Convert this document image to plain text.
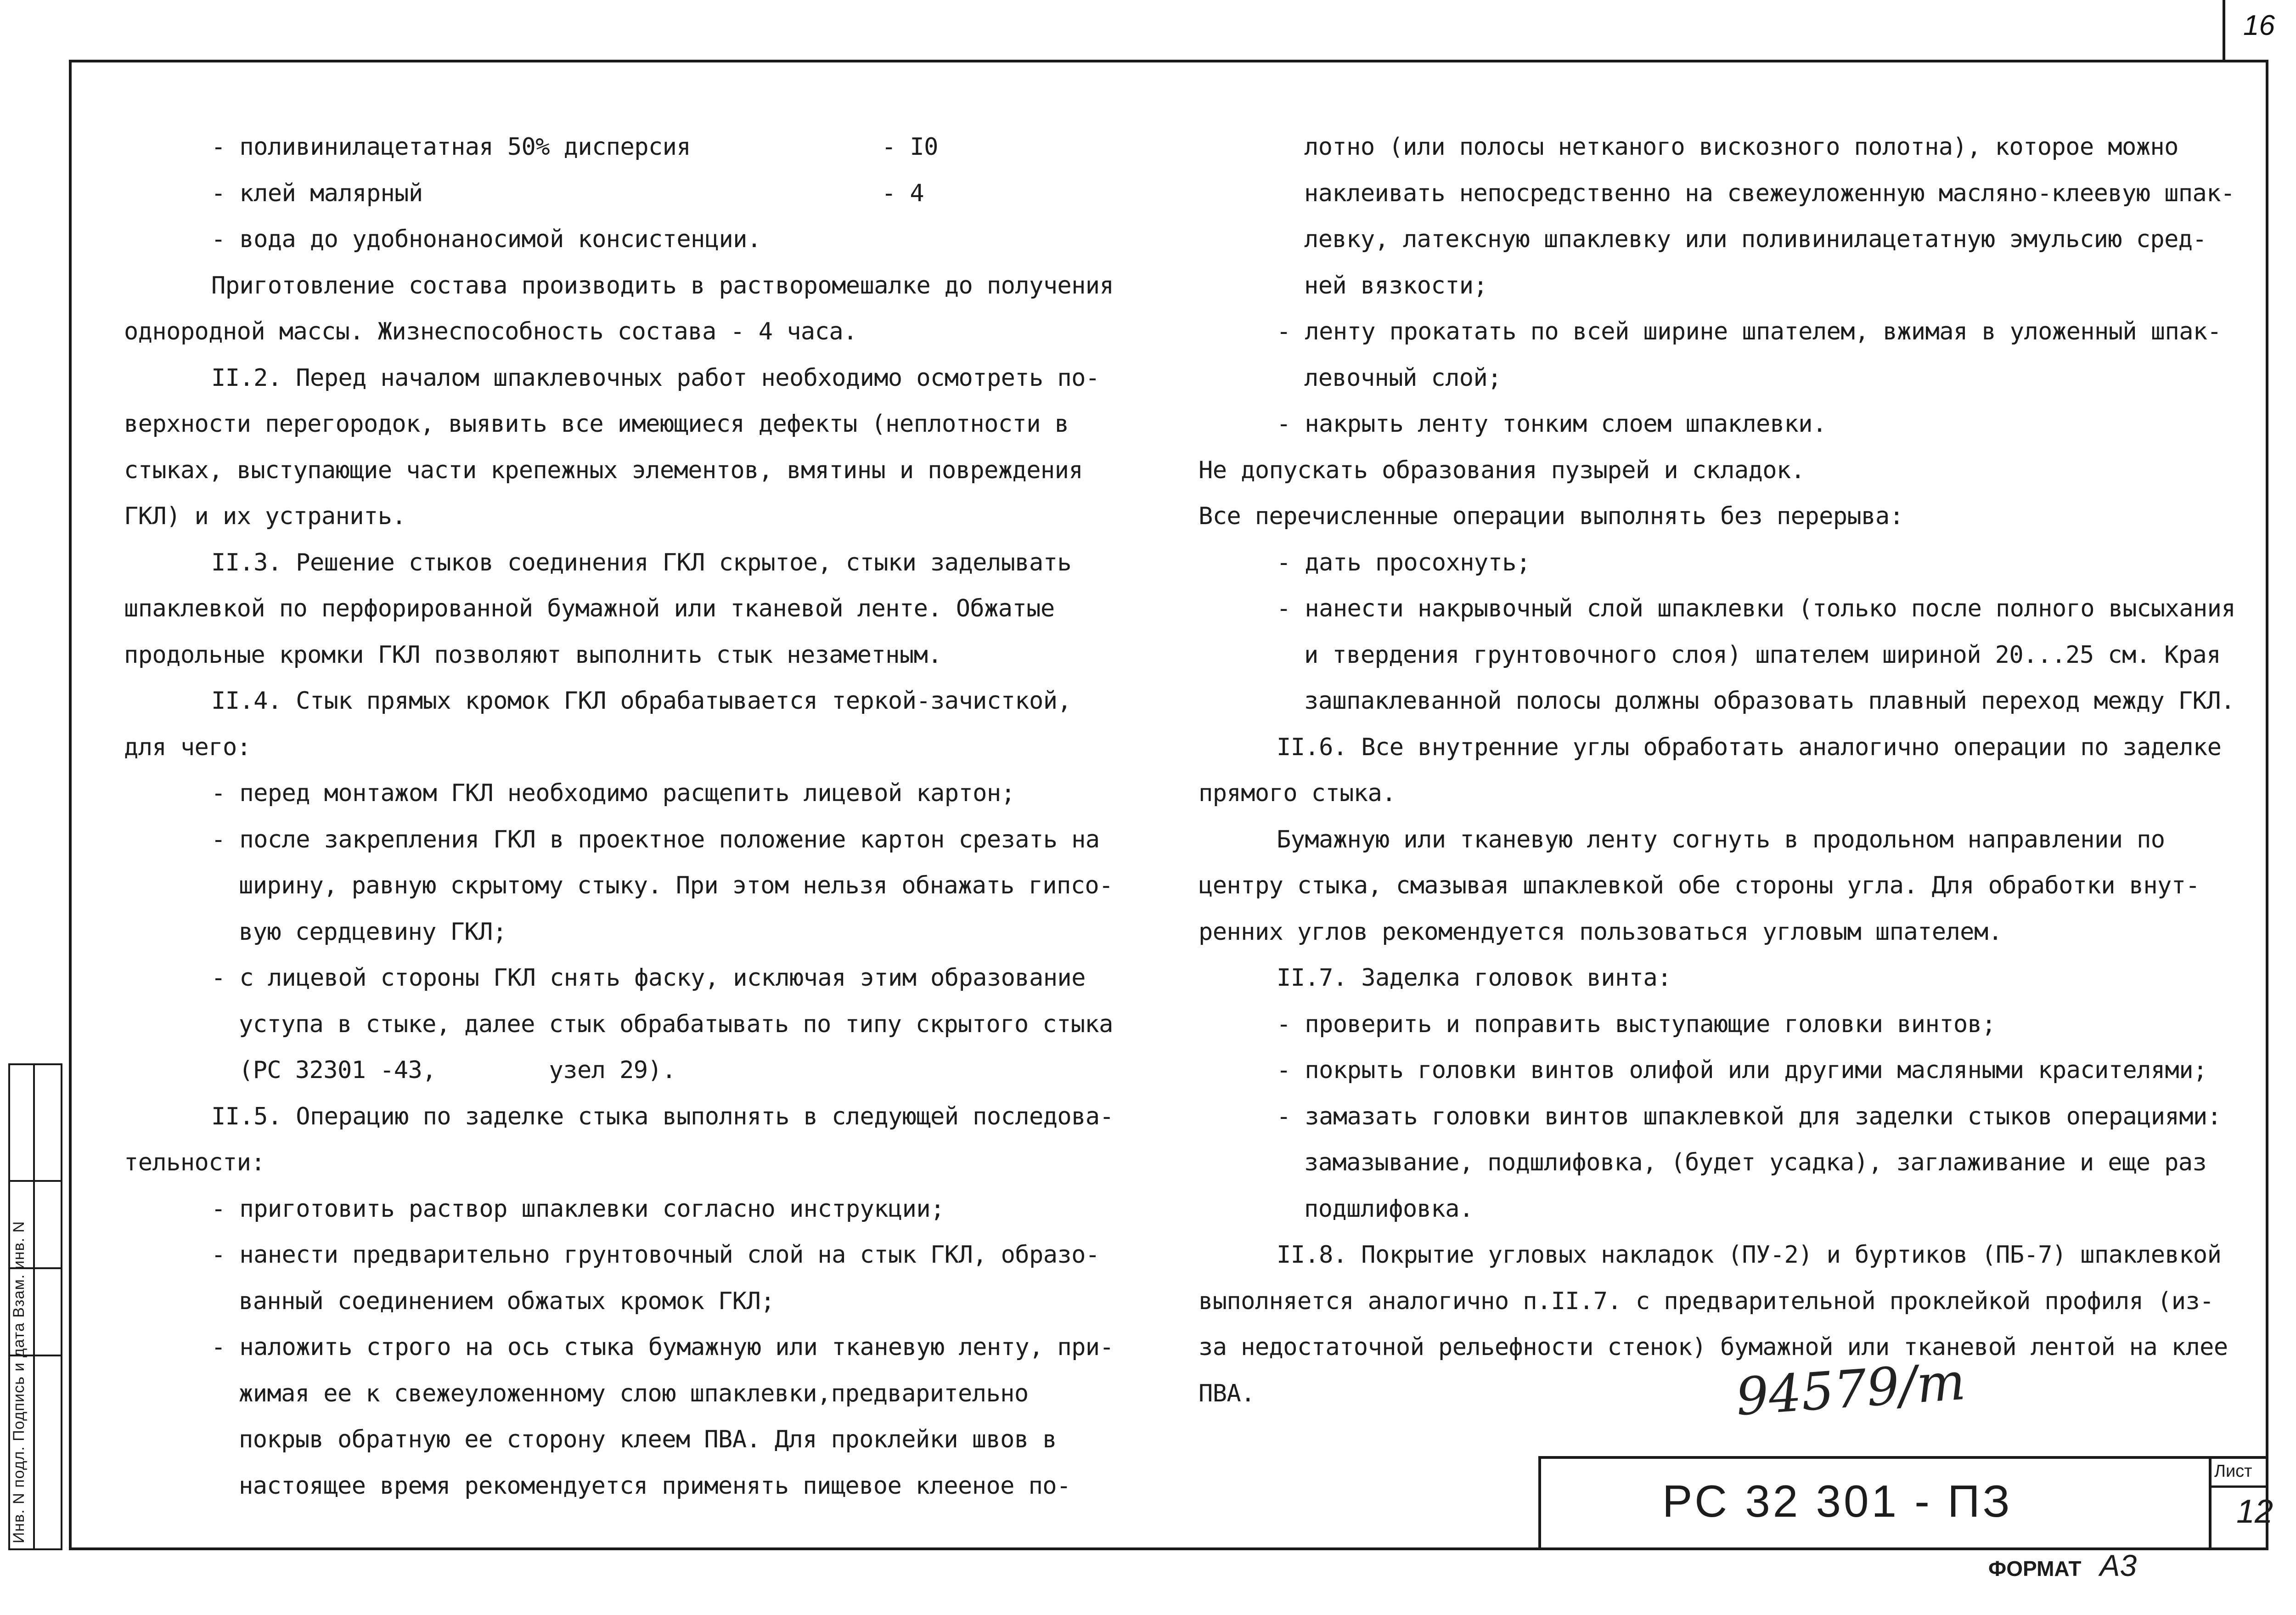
16
- поливинилацетатная 50% дисперсия	- I0
- клей малярный	- 4
- вода до удобнонаносимой консистенции.
Приготовление состава производить в растворомешалке до получения
однородной массы. Жизнеспособность состава - 4 часа.
II.2. Перед началом шпаклевочных работ необходимо осмотреть по-
верхности перегородок, выявить все имеющиеся дефекты (неплотности в
стыках, выступающие части крепежных элементов, вмятины и повреждения
ГКЛ) и их устранить.
II.3. Решение стыков соединения ГКЛ скрытое, стыки заделывать
шпаклевкой по перфорированной бумажной или тканевой ленте. Обжатые
продольные кромки ГКЛ позволяют выполнить стык незаметным.
II.4. Стык прямых кромок ГКЛ обрабатывается теркой-зачисткой,
для чего:
- перед монтажом ГКЛ необходимо расщепить лицевой картон;
- после закрепления ГКЛ в проектное положение картон срезать на
ширину, равную скрытому стыку. При этом нельзя обнажать гипсо-
вую сердцевину ГКЛ;
- с лицевой стороны ГКЛ снять фаску, исключая этим образование
уступа в стыке, далее стык обрабатывать по типу скрытого стыка
(РС 32301 -43,        узел 29).
II.5. Операцию по заделке стыка выполнять в следующей последова-
тельности:
- приготовить раствор шпаклевки согласно инструкции;
- нанести предварительно грунтовочный слой на стык ГКЛ, образо-
ванный соединением обжатых кромок ГКЛ;
- наложить строго на ось стыка бумажную или тканевую ленту, при-
жимая ее к свежеуложенному слою шпаклевки,предварительно
покрыв обратную ее сторону клеем ПВА. Для проклейки швов в
настоящее время рекомендуется применять пищевое клееное по-
лотно (или полосы нетканого вискозного полотна), которое можно
наклеивать непосредственно на свежеуложенную масляно-клеевую шпак-
левку, латексную шпаклевку или поливинилацетатную эмульсию сред-
ней вязкости;
- ленту прокатать по всей ширине шпателем, вжимая в уложенный шпак-
левочный слой;
- накрыть ленту тонким слоем шпаклевки.
Не допускать образования пузырей и складок.
Все перечисленные операции выполнять без перерыва:
- дать просохнуть;
- нанести накрывочный слой шпаклевки (только после полного высыхания
и твердения грунтовочного слоя) шпателем шириной 20...25 см. Края
зашпаклеванной полосы должны образовать плавный переход между ГКЛ.
II.6. Все внутренние углы обработать аналогично операции по заделке
прямого стыка.
Бумажную или тканевую ленту согнуть в продольном направлении по
центру стыка, смазывая шпаклевкой обе стороны угла. Для обработки внут-
ренних углов рекомендуется пользоваться угловым шпателем.
II.7. Заделка головок винта:
- проверить и поправить выступающие головки винтов;
- покрыть головки винтов олифой или другими масляными красителями;
- замазать головки винтов шпаклевкой для заделки стыков операциями:
замазывание, подшлифовка, (будет усадка), заглаживание и еще раз
подшлифовка.
II.8. Покрытие угловых накладок (ПУ-2) и буртиков (ПБ-7) шпаклевкой
выполняется аналогично п.II.7. с предварительной проклейкой профиля (из-
за недостаточной рельефности стенок) бумажной или тканевой лентой на клее
ПВА.
Инв. N подл. Подпись и дата Взам. инв. N	94579/т
РС 32 301 - ПЗ
Лист
12
ФОРМАТ А3
